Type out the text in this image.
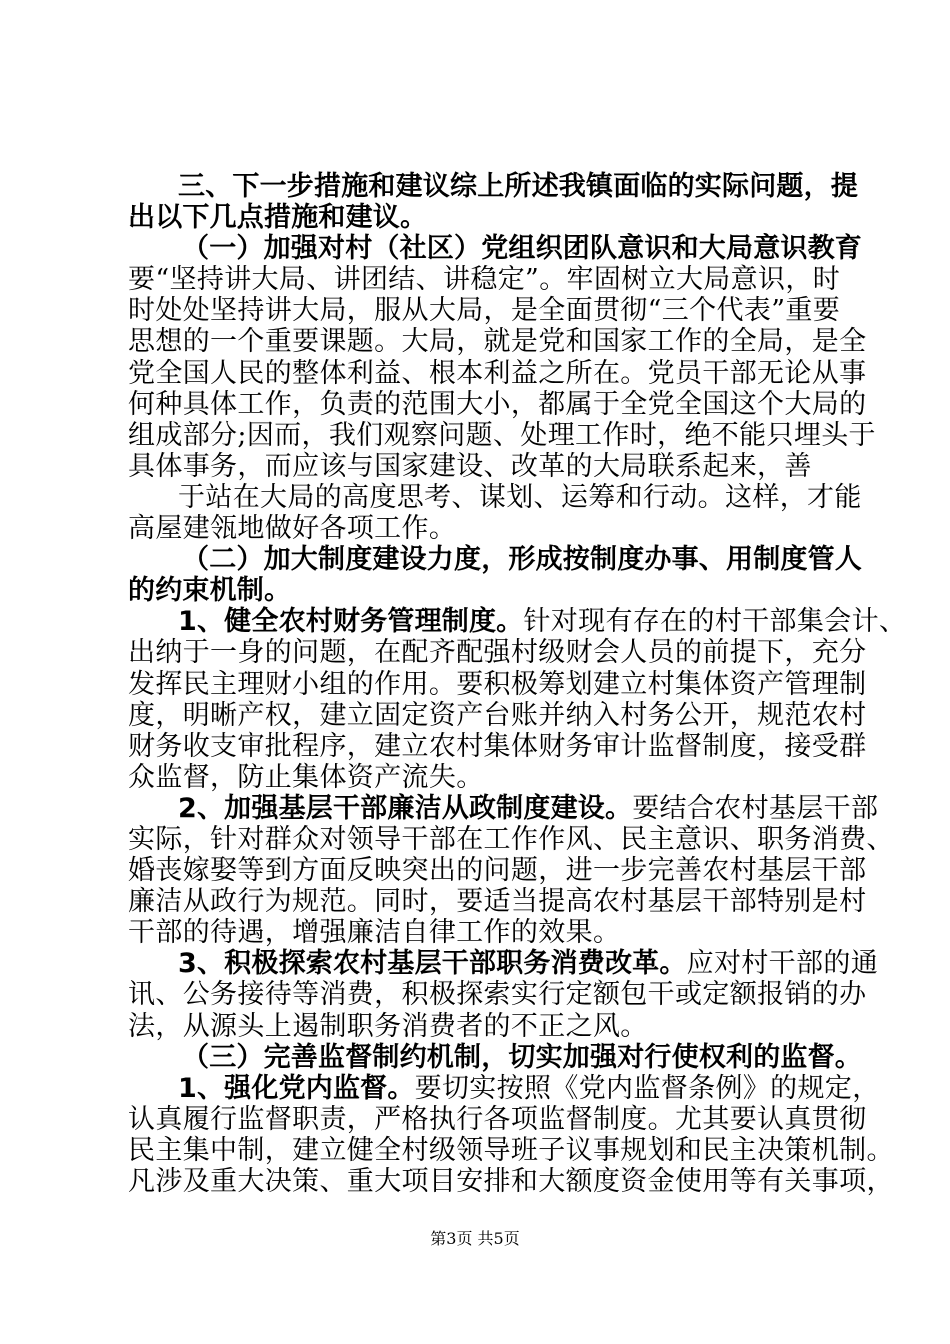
三、下一步措施和建议综上所述我镇面临的实际问题，提
出以下几点措施和建议。
（一）加强对村（社区）党组织团队意识和大局意识教育
要“坚持讲大局、讲团结、讲稳定”。牢固树立大局意识，时
时处处坚持讲大局，服从大局，是全面贯彻“三个代表”重要
思想的一个重要课题。大局，就是党和国家工作的全局，是全
党全国人民的整体利益、根本利益之所在。党员干部无论从事
何种具体工作，负责的范围大小，都属于全党全国这个大局的
组成部分;因而，我们观察问题、处理工作时，绝不能只埋头于
具体事务，而应该与国家建设、改革的大局联系起来，善
于站在大局的高度思考、谋划、运筹和行动。这样，才能
高屋建瓴地做好各项工作。
（二）加大制度建设力度，形成按制度办事、用制度管人
的约束机制。
1、健全农村财务管理制度。针对现有存在的村干部集会计、
出纳于一身的问题，在配齐配强村级财会人员的前提下，充分
发挥民主理财小组的作用。要积极筹划建立村集体资产管理制
度，明晰产权，建立固定资产台账并纳入村务公开，规范农村
财务收支审批程序，建立农村集体财务审计监督制度，接受群
众监督，防止集体资产流失。
2、加强基层干部廉洁从政制度建设。要结合农村基层干部
实际，针对群众对领导干部在工作作风、民主意识、职务消费、
婚丧嫁娶等到方面反映突出的问题，进一步完善农村基层干部
廉洁从政行为规范。同时，要适当提高农村基层干部特别是村
干部的待遇，增强廉洁自律工作的效果。
3、积极探索农村基层干部职务消费改革。应对村干部的通
讯、公务接待等消费，积极探索实行定额包干或定额报销的办
法，从源头上遏制职务消费者的不正之风。
（三）完善监督制约机制，切实加强对行使权利的监督。
1、强化党内监督。要切实按照《党内监督条例》的规定，
认真履行监督职责，严格执行各项监督制度。尤其要认真贯彻
民主集中制，建立健全村级领导班子议事规划和民主决策机制。
凡涉及重大决策、重大项目安排和大额度资金使用等有关事项，
第3页 共5页
